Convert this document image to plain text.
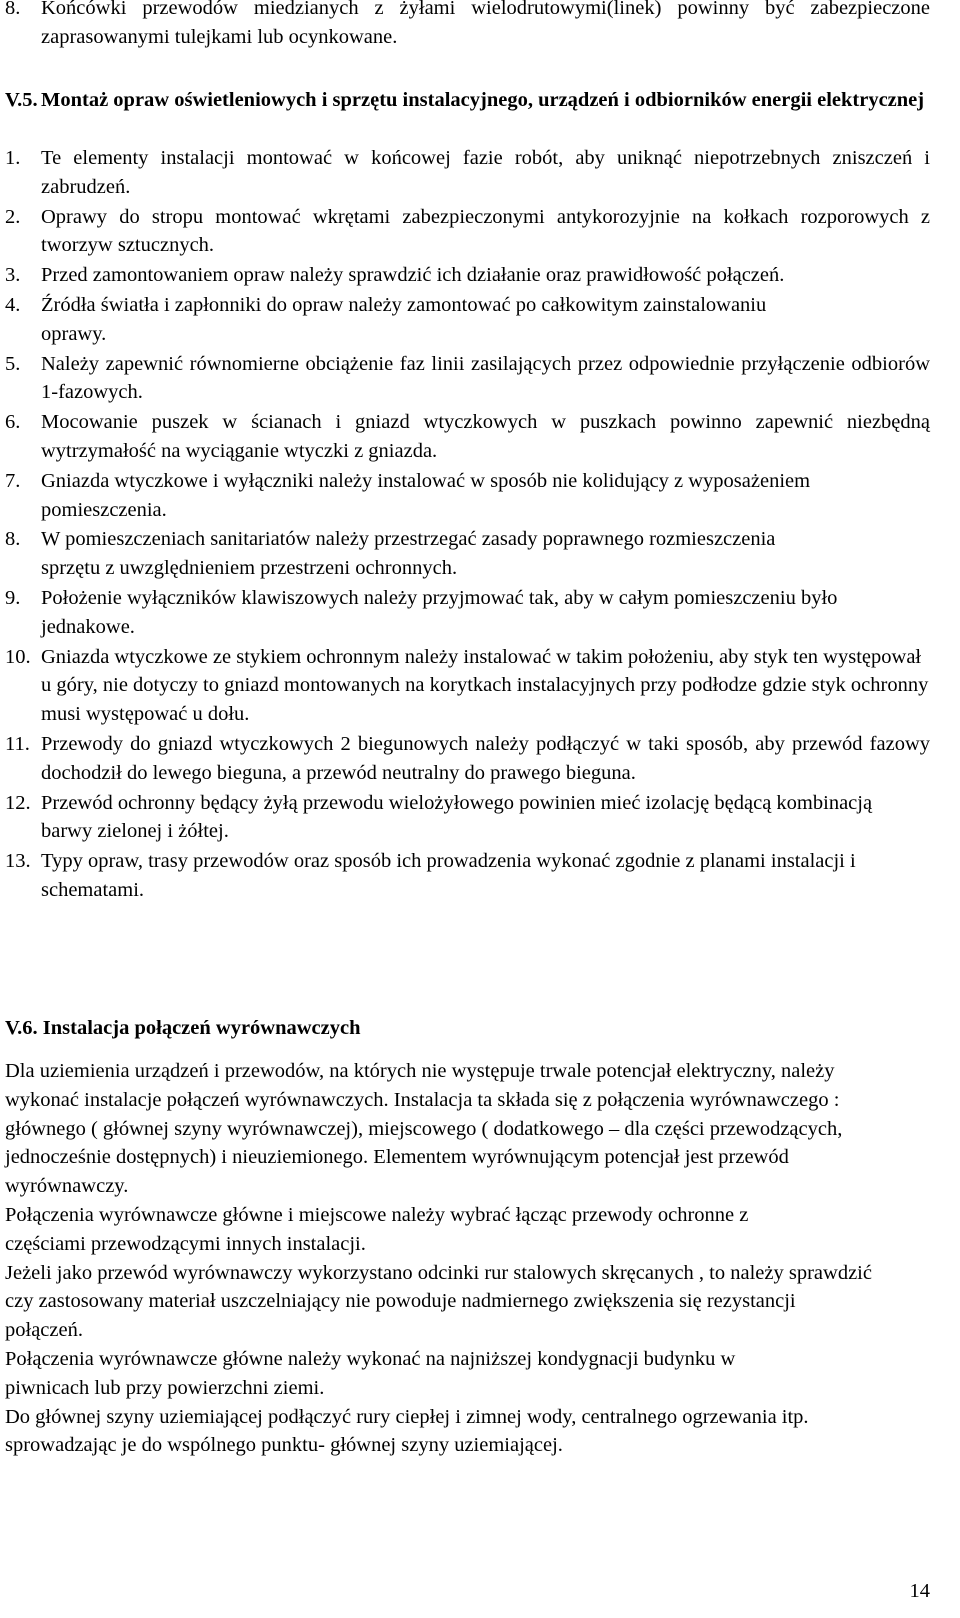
8. Końcówki przewodów miedzianych z żyłami wielodrutowymi(linek) powinny być zabezpieczone zaprasowanymi tulejkami lub ocynkowane.
V.5. Montaż opraw oświetleniowych i sprzętu instalacyjnego, urządzeń i odbiorników energii elektrycznej
1. Te elementy instalacji montować w końcowej fazie robót, aby uniknąć niepotrzebnych zniszczeń i zabrudzeń.
2. Oprawy do stropu montować wkrętami zabezpieczonymi antykorozyjnie na kołkach rozporowych z tworzyw sztucznych.
3. Przed zamontowaniem opraw należy sprawdzić ich działanie oraz prawidłowość połączeń.
4. Źródła światła i zapłonniki do opraw należy zamontować po całkowitym zainstalowaniu oprawy.
5. Należy zapewnić równomierne obciążenie faz linii zasilających przez odpowiednie przyłączenie odbiorów 1-fazowych.
6. Mocowanie puszek w ścianach i gniazd wtyczkowych w puszkach powinno zapewnić niezbędną wytrzymałość na wyciąganie wtyczki z gniazda.
7. Gniazda wtyczkowe i wyłączniki należy instalować w sposób nie kolidujący z wyposażeniem pomieszczenia.
8. W pomieszczeniach sanitariatów należy przestrzegać zasady poprawnego rozmieszczenia sprzętu z uwzględnieniem przestrzeni ochronnych.
9. Położenie wyłączników klawiszowych należy przyjmować tak, aby w całym pomieszczeniu było jednakowe.
10. Gniazda wtyczkowe ze stykiem ochronnym należy instalować w takim położeniu, aby styk ten występował u góry, nie dotyczy to gniazd montowanych na korytkach instalacyjnych przy podłodze gdzie styk ochronny musi występować u dołu.
11. Przewody do gniazd wtyczkowych 2 biegunowych należy podłączyć w taki sposób, aby przewód fazowy dochodził do lewego bieguna, a przewód neutralny do prawego bieguna.
12. Przewód ochronny będący żyłą przewodu wielożyłowego powinien mieć izolację będącą kombinacją barwy zielonej i żółtej.
13. Typy opraw, trasy przewodów oraz sposób ich prowadzenia wykonać zgodnie z planami instalacji i schematami.
V.6. Instalacja połączeń wyrównawczych

Dla uziemienia urządzeń i przewodów, na których nie występuje trwale potencjał elektryczny, należy wykonać instalacje połączeń wyrównawczych. Instalacja ta składa się z połączenia wyrównawczego : głównego ( głównej szyny wyrównawczej), miejscowego ( dodatkowego – dla części przewodzących, jednocześnie dostępnych) i nieuziemionego. Elementem wyrównującym potencjał jest przewód wyrównawczy.

Połączenia wyrównawcze główne i miejscowe należy wybrać łącząc przewody ochronne z częściami przewodzącymi innych instalacji.

Jeżeli jako przewód wyrównawczy wykorzystano odcinki rur stalowych skręcanych , to należy sprawdzić czy zastosowany materiał uszczelniający nie powoduje nadmiernego zwiększenia się rezystancji połączeń.

Połączenia wyrównawcze główne należy wykonać na najniższej kondygnacji budynku w piwnicach lub przy powierzchni ziemi.

Do głównej szyny uziemiającej podłączyć rury ciepłej i zimnej wody, centralnego ogrzewania itp. sprowadzając je do wspólnego punktu- głównej szyny uziemiającej.

14
